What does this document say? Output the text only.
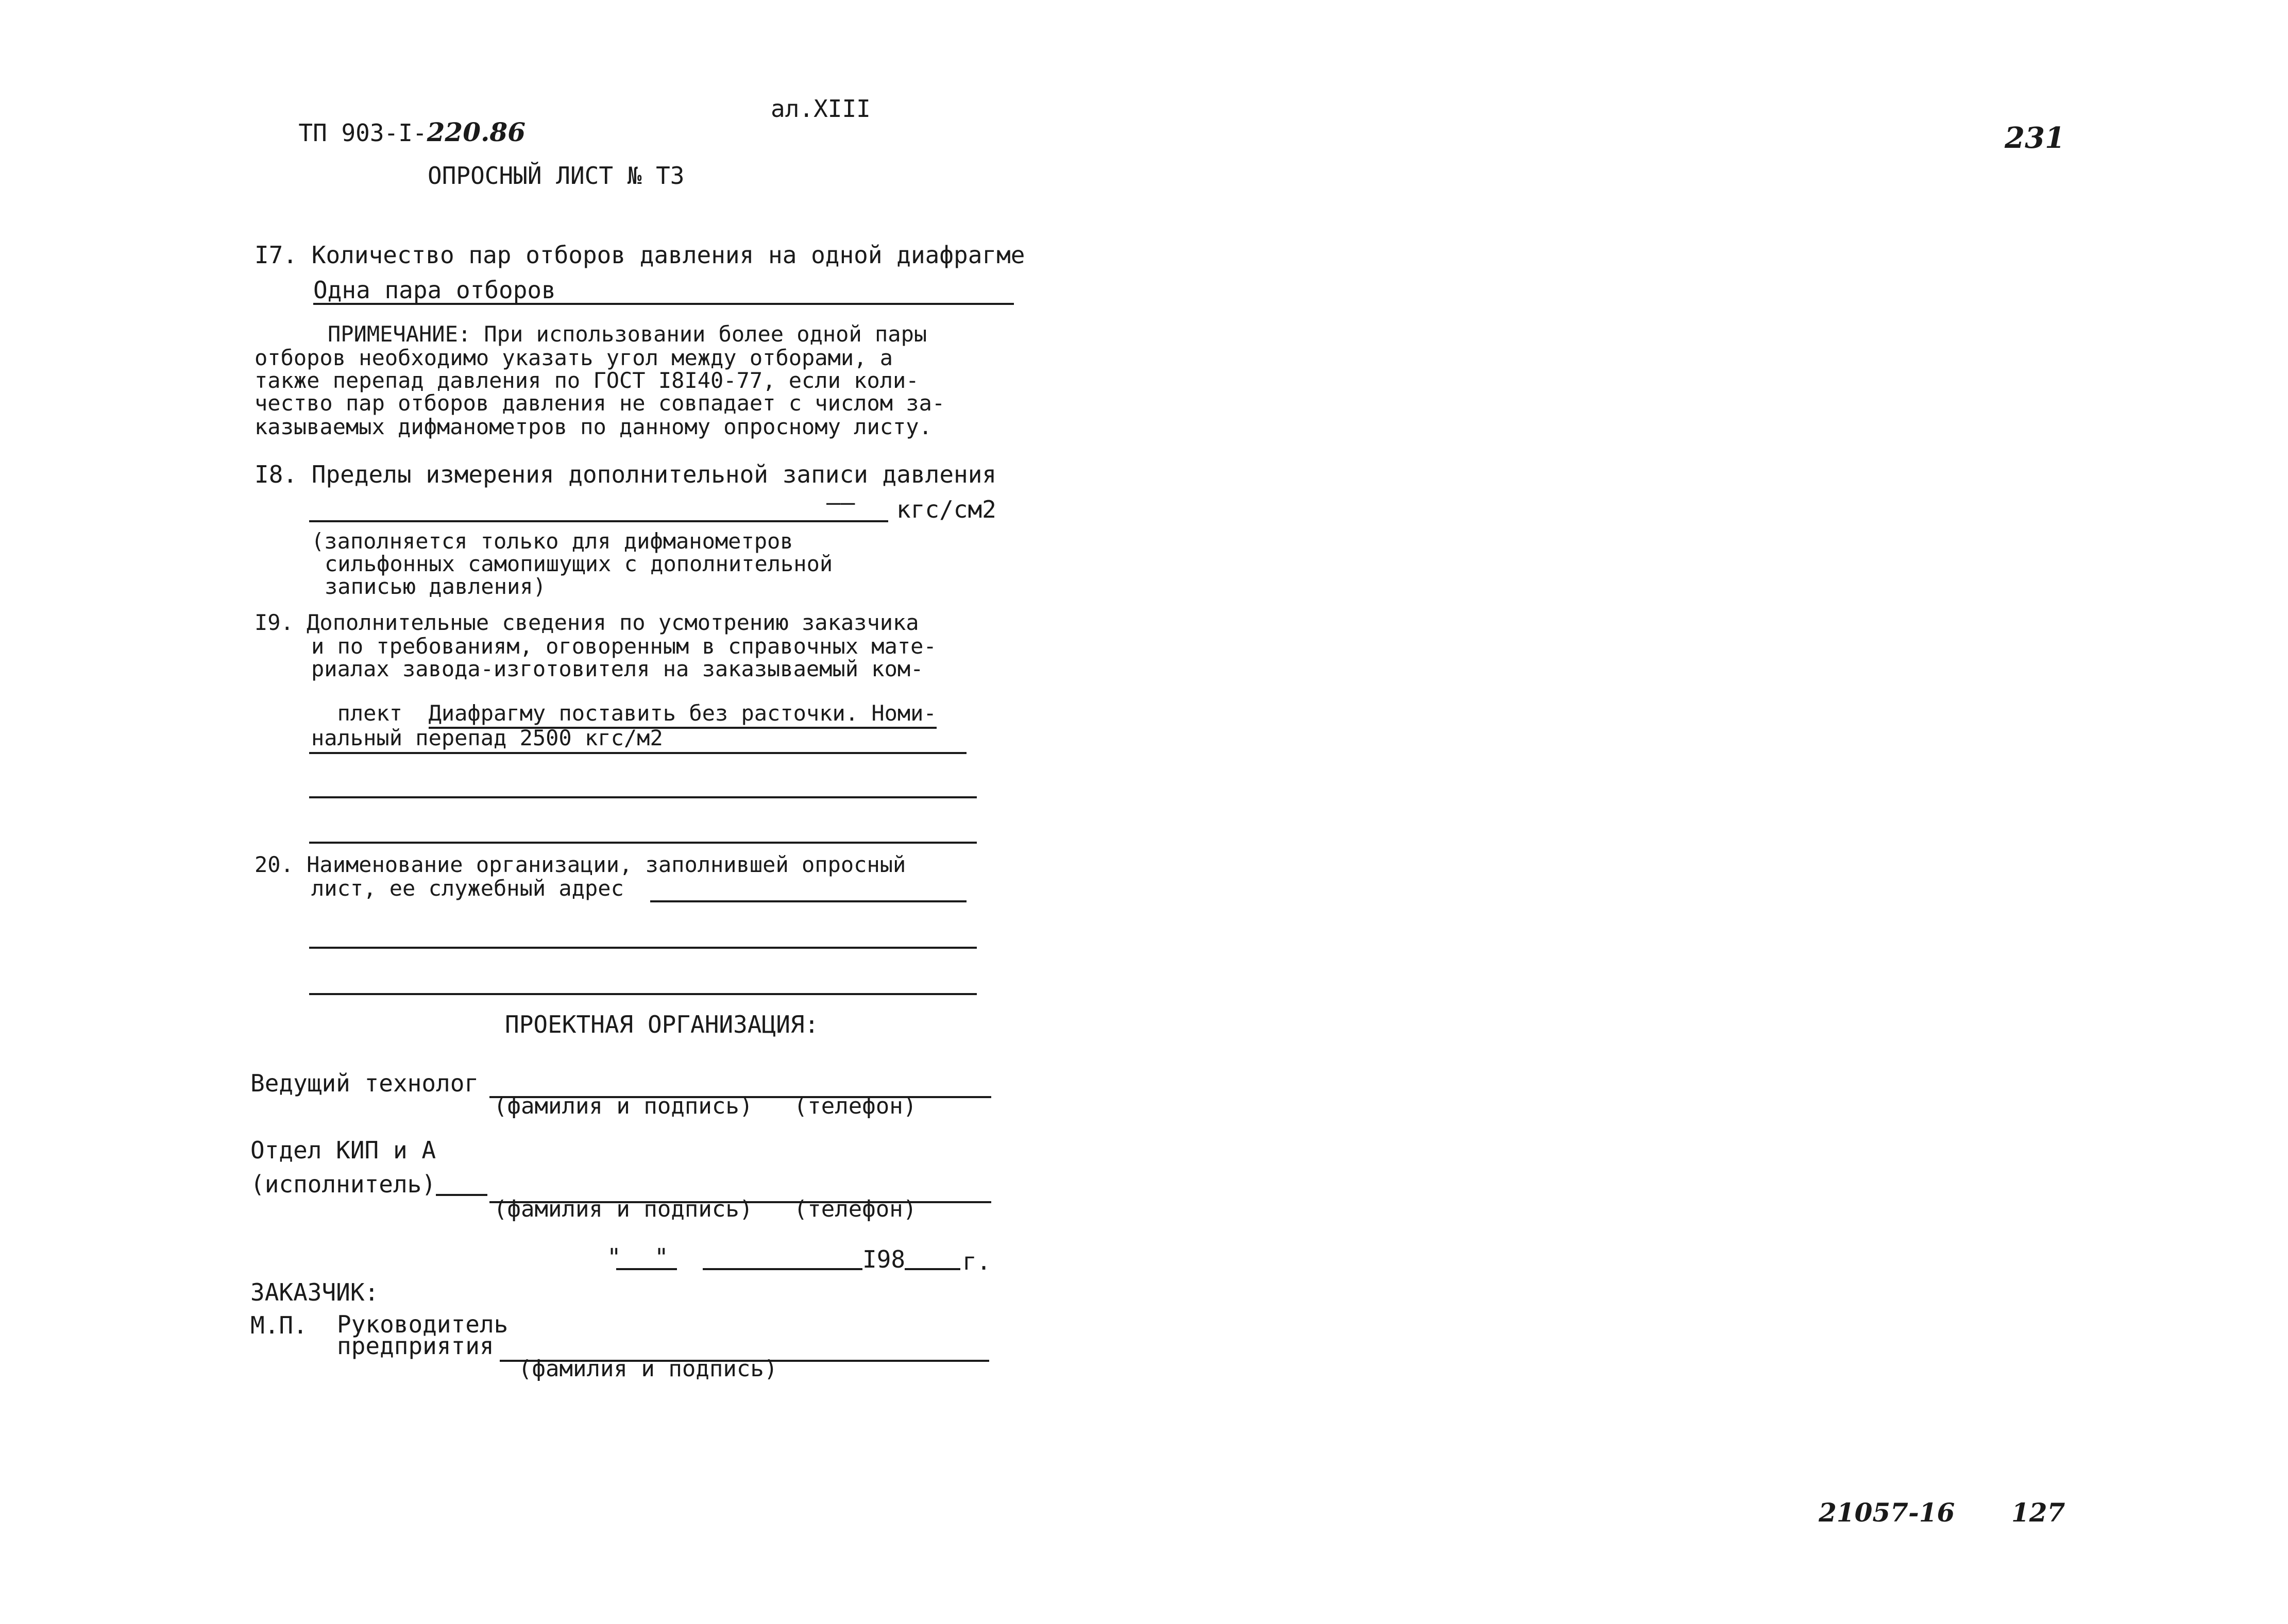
ТП 903-I-220.86

ал.XIII

231

ОПРОСНЫЙ ЛИСТ № ТЗ
I7. Количество пар отборов давления на одной диафрагме
Одна пара отборов
ПРИМЕЧАНИЕ: При использовании более одной пары
отборов необходимо указать угол между отборами, а
также перепад давления по ГОСТ I8I40-77, если коли-
чество пар отборов давления не совпадает с числом за-
казываемых дифманометров по данному опросному листу.
I8. Пределы измерения дополнительной записи давления
—— кгс/см2
(заполняется только для дифманометров
сильфонных самопишущих с дополнительной
записью давления)
I9. Дополнительные сведения по усмотрению заказчика
и по требованиям, оговоренным в справочных мате-
риалах завода-изготовителя на заказываемый ком-

плект Диафрагму поставить без расточки. Номи-

нальный перепад 2500 кгс/м2
20. Наименование организации, заполнившей опросный
лист, ее служебный адрес
ПРОЕКТНАЯ ОРГАНИЗАЦИЯ:
Ведущий технолог
(фамилия и подпись)   (телефон)
Отдел КИП и А
(исполнитель)
(фамилия и подпись)   (телефон)
" "	I98 г.
ЗАКАЗЧИК:
М.П. Руководитель
предприятия
(фамилия и подпись)
21057-16 127
